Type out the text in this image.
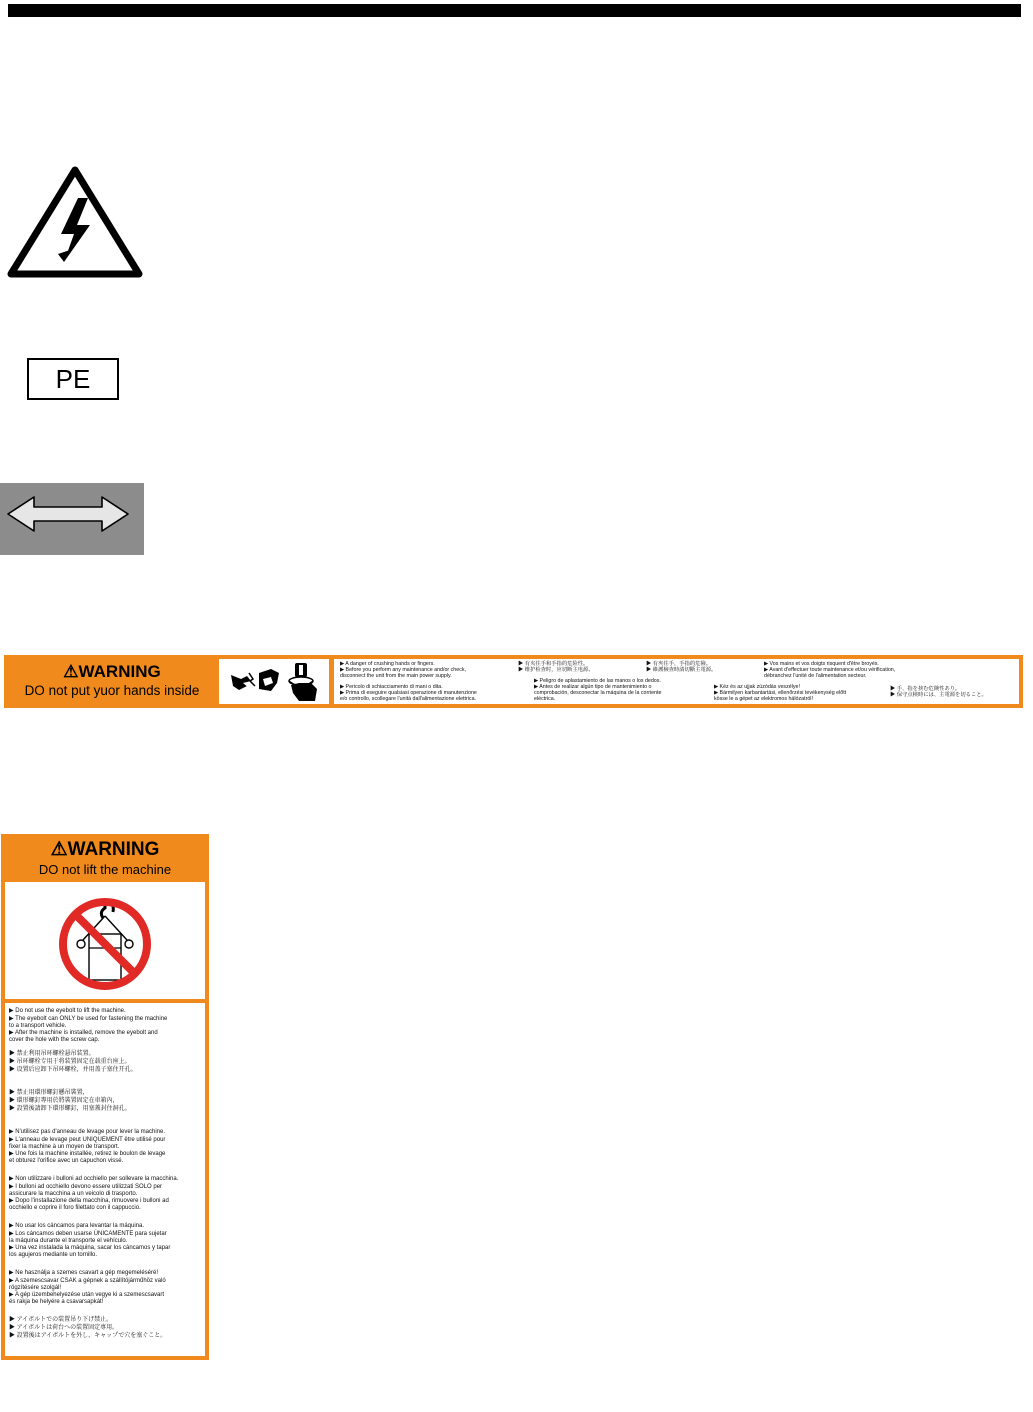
PE
⚠WARNING
DO not put yuor hands inside
▶ A danger of crushing hands or fingers.
▶ Before you perform any maintenance and/or check,
disconnect the unit from the main power supply.
▶ Pericolo di schiacciamento di mani o dita.
▶ Prima di eseguire qualsiasi operazione di manutenzione
e/o controllo, scollegare l'unità dall'alimentazione elettrica.
▶ 有夹住手和手指的危险性。
▶ 维护检查时，应切断主电源。
▶ Peligro de aplastamiento de las manos o los dedos.
▶ Antes de realizar algún tipo de mantenimiento o
comprobación, desconectar la máquina de la corriente
eléctrica.
▶ 有夾住手，手指的危險。
▶ 維護檢查時請切斷主電源。
▶ Kéz és az ujjak zúzódás veszélye!
▶ Bármilyen karbantartási, ellenőrzési tevékenység előtt
kösse le a gépet az elektromos hálózatról!
▶ Vos mains et vos doigts risquent d'être broyés.
▶ Avant d'effectuer toute maintenance et/ou vérification,
débranchez l'unité de l'alimentation secteur.
▶ 手、指を挟む危険性あり。
▶ 保守点検時には、主電源を切ること。
⚠WARNING
DO not lift the machine
▶ Do not use the eyebolt to lift the machine.
▶ The eyebolt can ONLY be used for fastening the machine
to a transport vehicle.
▶ After the machine is installed, remove the eyebolt and
cover the hole with the screw cap.
▶ 禁止利用吊环螺栓悬吊装置。
▶ 吊环螺栓专用于将装置固定在载重台座上。
▶ 设置后应卸下吊环螺栓，并用盖子塞住开孔。
▶ 禁止用環形螺釘懸吊裝置，
▶ 環形螺釘專用於將裝置固定在車箱內，
▶ 設置後請卸下環形螺釘，用塞蓋封住洞孔。
▶ N'utilisez pas d'anneau de levage pour lever la machine.
▶ L'anneau de levage peut UNIQUEMENT être utilisé pour
fixer la machine à un moyen de transport.
▶ Une fois la machine installée, retirez le boulon de levage
et obturez l'orifice avec un capuchon vissé.
▶ Non utilizzare i bulloni ad occhiello per sollevare la macchina.
▶ I bulloni ad occhiello devono essere utilizzati SOLO per
assicurare la macchina a un veicolo di trasporto.
▶ Dopo l'installazione della macchina, rimuovere i bulloni ad
occhiello e coprire il foro filettato con il cappuccio.
▶ No usar los cáncamos para levantar la máquina.
▶ Los cáncamos deben usarse ÚNICAMENTE para sujetar
la máquina durante el transporte el vehículo.
▶ Una vez instalada la máquina, sacar los cáncamos y tapar
los agujeros mediante un tornillo.
▶ Ne használja a szemes csavart a gép megemeléséré!
▶ A szemescsavar CSAK a gépnek a szállítójárműhöz való
rögzítésére szolgál!
▶ A gép üzembehelyezése után vegye ki a szemescsavart
és rakja be helyére a csavarsapkát!
▶ アイボルトでの装置吊り下げ禁止。
▶ アイボルトは荷台への装置固定専用。
▶ 設置後はアイボルトを外し、キャップで穴を塞ぐこと。
